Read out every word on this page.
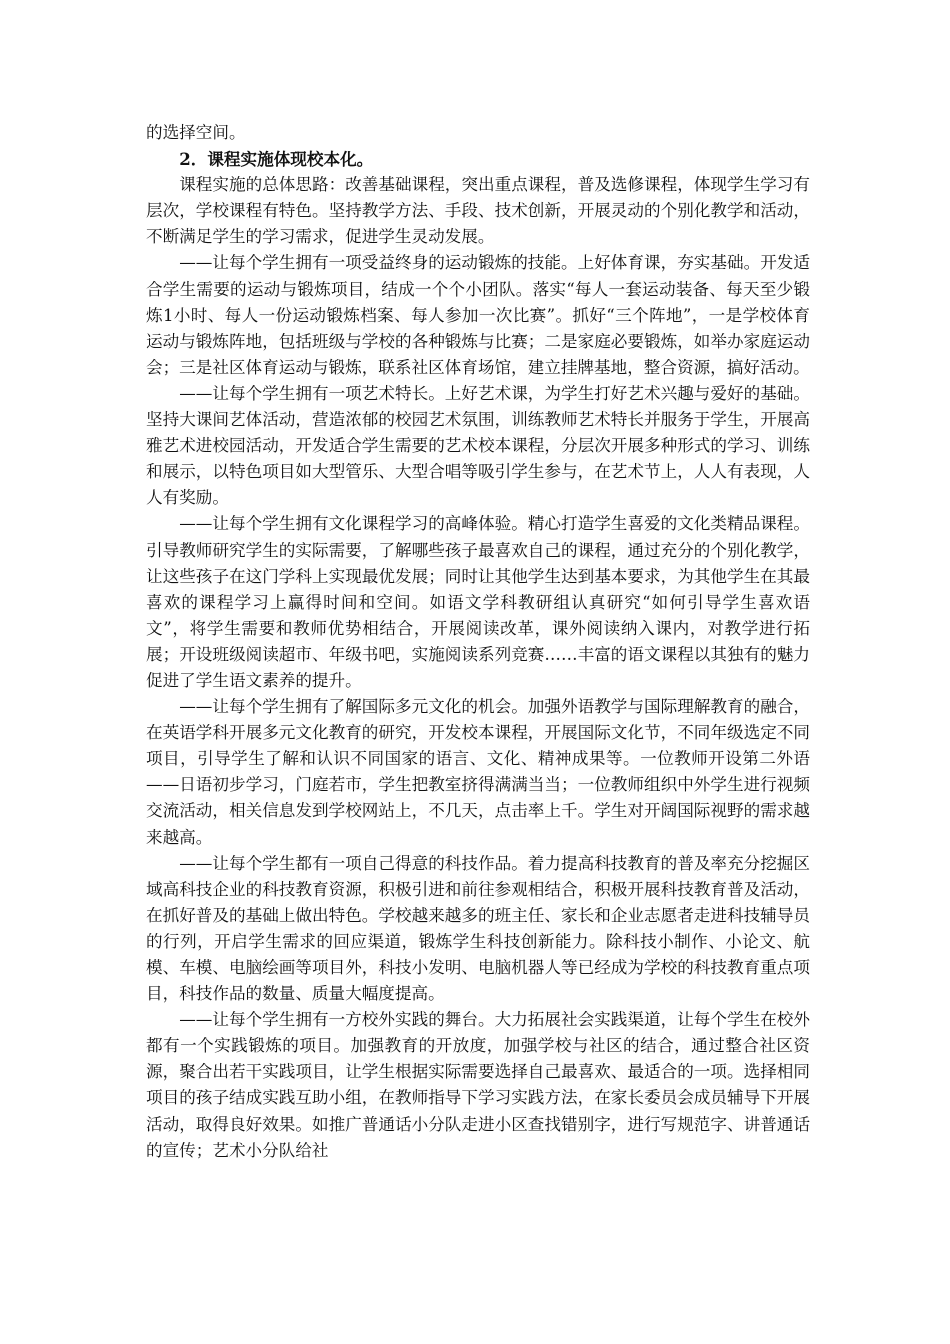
的选择空间。

2．课程实施体现校本化。

课程实施的总体思路：改善基础课程，突出重点课程，普及选修课程，体现学生学习有层次，学校课程有特色。坚持教学方法、手段、技术创新，开展灵动的个别化教学和活动，不断满足学生的学习需求，促进学生灵动发展。

——让每个学生拥有一项受益终身的运动锻炼的技能。上好体育课，夯实基础。开发适合学生需要的运动与锻炼项目，结成一个个小团队。落实“每人一套运动装备、每天至少锻炼1小时、每人一份运动锻炼档案、每人参加一次比赛”。抓好“三个阵地”，一是学校体育运动与锻炼阵地，包括班级与学校的各种锻炼与比赛；二是家庭必要锻炼，如举办家庭运动会；三是社区体育运动与锻炼，联系社区体育场馆，建立挂牌基地，整合资源，搞好活动。

——让每个学生拥有一项艺术特长。上好艺术课，为学生打好艺术兴趣与爱好的基础。坚持大课间艺体活动，营造浓郁的校园艺术氛围，训练教师艺术特长并服务于学生，开展高雅艺术进校园活动，开发适合学生需要的艺术校本课程，分层次开展多种形式的学习、训练和展示，以特色项目如大型管乐、大型合唱等吸引学生参与，在艺术节上，人人有表现，人人有奖励。

——让每个学生拥有文化课程学习的高峰体验。精心打造学生喜爱的文化类精品课程。引导教师研究学生的实际需要，了解哪些孩子最喜欢自己的课程，通过充分的个别化教学，让这些孩子在这门学科上实现最优发展；同时让其他学生达到基本要求，为其他学生在其最喜欢的课程学习上赢得时间和空间。如语文学科教研组认真研究“如何引导学生喜欢语文”，将学生需要和教师优势相结合，开展阅读改革，课外阅读纳入课内，对教学进行拓展；开设班级阅读超市、年级书吧，实施阅读系列竞赛……丰富的语文课程以其独有的魅力促进了学生语文素养的提升。

——让每个学生拥有了解国际多元文化的机会。加强外语教学与国际理解教育的融合，在英语学科开展多元文化教育的研究，开发校本课程，开展国际文化节，不同年级选定不同项目，引导学生了解和认识不同国家的语言、文化、精神成果等。一位教师开设第二外语——日语初步学习，门庭若市，学生把教室挤得满满当当；一位教师组织中外学生进行视频交流活动，相关信息发到学校网站上，不几天，点击率上千。学生对开阔国际视野的需求越来越高。

——让每个学生都有一项自己得意的科技作品。着力提高科技教育的普及率充分挖掘区域高科技企业的科技教育资源，积极引进和前往参观相结合，积极开展科技教育普及活动，在抓好普及的基础上做出特色。学校越来越多的班主任、家长和企业志愿者走进科技辅导员的行列，开启学生需求的回应渠道，锻炼学生科技创新能力。除科技小制作、小论文、航模、车模、电脑绘画等项目外，科技小发明、电脑机器人等已经成为学校的科技教育重点项目，科技作品的数量、质量大幅度提高。

——让每个学生拥有一方校外实践的舞台。大力拓展社会实践渠道，让每个学生在校外都有一个实践锻炼的项目。加强教育的开放度，加强学校与社区的结合，通过整合社区资源，聚合出若干实践项目，让学生根据实际需要选择自己最喜欢、最适合的一项。选择相同项目的孩子结成实践互助小组，在教师指导下学习实践方法，在家长委员会成员辅导下开展活动，取得良好效果。如推广普通话小分队走进小区查找错别字，进行写规范字、讲普通话的宣传；艺术小分队给社
